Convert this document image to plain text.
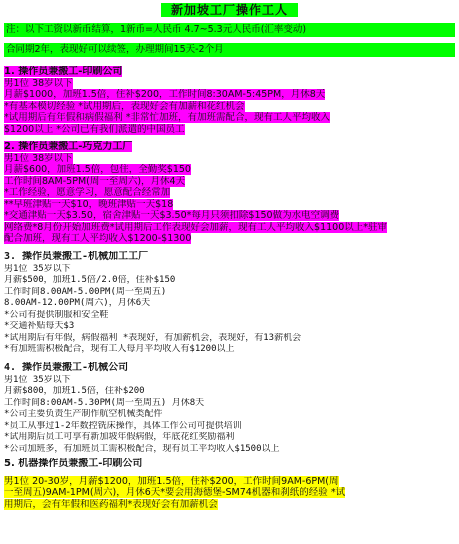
新加坡工厂操作工人
注：以下工资以新币结算，1新币=人民币 4.7~5.3元人民币(汇率变动)
合同期2年，表现好可以续签，办理期间15天-2个月
1. 操作员兼搬工-印刷公司
男1位 38岁以下
月薪$1000，加班1.5倍，住补$200，工作时间8:30AM-5:45PM，月休8天
*有基本模切经验 *试用期后，表现好会有加薪和花红机会
*试用期后有年假和病假福利 *非常忙加班，有加班需配合，现有工人平均收入
$1200以上 *公司已有我们派遣的中国员工
2. 操作员兼搬工-巧克力工厂
男1位 38岁以下
月薪$600，加班1.5倍，包住，全勤奖$150
工作时间8AM-5PM(周一至周六)，月休4天
*工作经验，愿意学习，愿意配合经常加
**早班津贴一天$10，晚班津贴一天$18
*交通津贴一天$3.50，宿舍津贴一天$3.50*每月只须扣除$150做为水电空调费
网络费*8月份开始加班费*试用期后工作表现好会加薪，现有工人平均收入$1100以上*驻审
配合加班，现有工人平均收入$1200-$1300
3. 操作员兼搬工-机械加工工厂
男1位 35岁以下
月薪$500，加班1.5倍/2.0倍，住补$150
工作时间8.00AM-5.00PM(周一至周五)
8.00AM-12.00PM(周六)，月休6天
*公司有提供制服和安全鞋
*交通补贴每天$3
*试用期后有年假，病假福利 *表现好，有加薪机会，表现好，有13薪机会
*有加班需积极配合，现有工人每月平均收入有$1200以上
4. 操作员兼搬工-机械公司
男1位 35岁以下
月薪$800，加班1.5倍，住补$200
工作时间8:00AM-5.30PM(周一至周五) 月休8天
*公司主要负责生产制作航空机械类配件
*员工从事过1-2年数控铣床操作，具体工作公司可提供培训
*试用期后员工可享有新加坡年假病假，年底花红奖励福利
*公司加班多，有加班员工需积极配合，现有员工平均收入$1500以上
5. 机器操作员兼搬工-印刷公司
男1位 20-30岁，月薪$1200，加班1.5倍，住补$200，工作时间9AM-6PM(周
一至周五)9AM-1PM(周六)，月休6天*要会用海德堡-SM74机器和刹纸的经验 *试
用期后，会有年假和医药福利*表现好会有加薪机会
